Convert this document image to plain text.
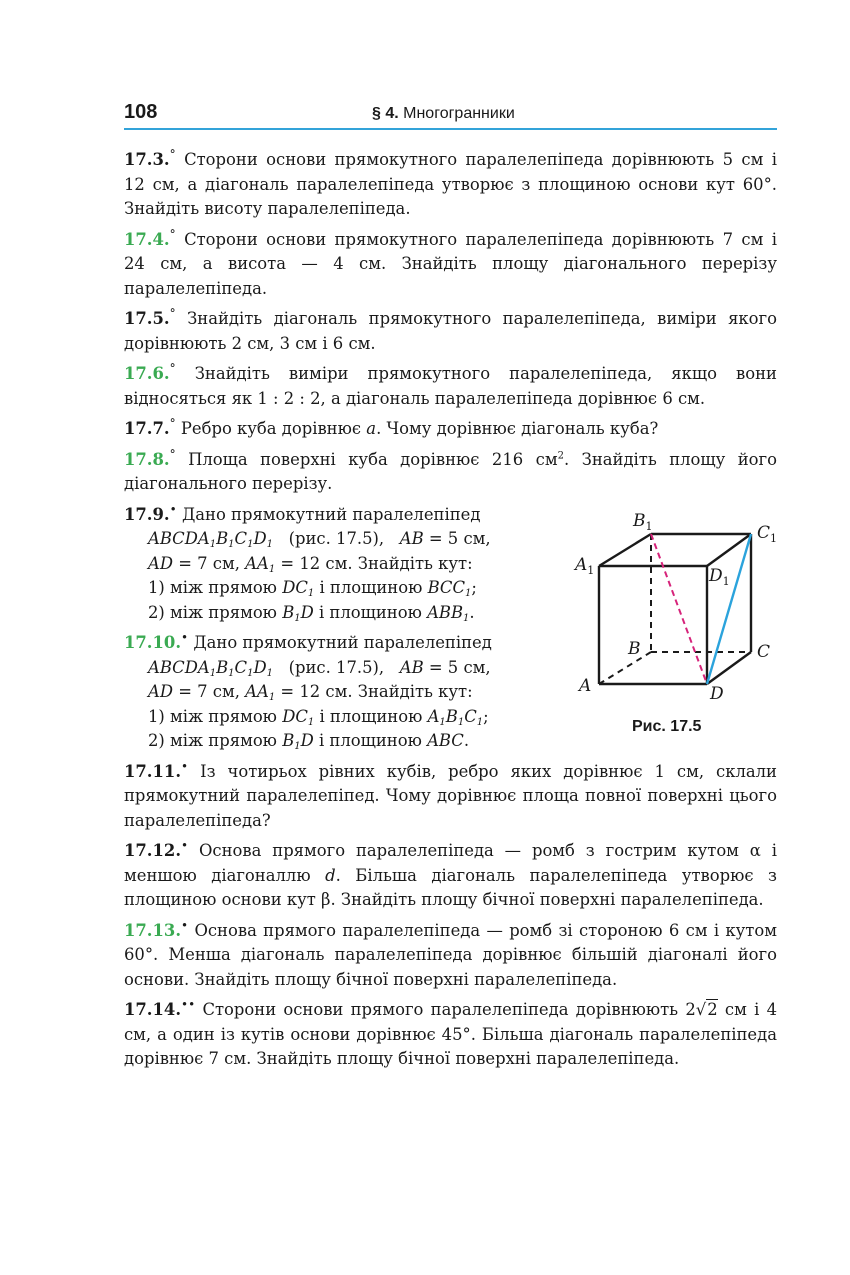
108	§ 4. Многогранники
17.3.° Сторони основи прямокутного паралелепіпеда дорівнюють 5 см і 12 см, а діагональ паралелепіпеда утворює з площиною основи кут 60°. Знайдіть висоту паралелепіпеда.
17.4.° Сторони основи прямокутного паралелепіпеда дорівнюють 7 см і 24 см, а висота — 4 см. Знайдіть площу діагонального перерізу паралелепіпеда.
17.5.° Знайдіть діагональ прямокутного паралелепіпеда, виміри якого дорівнюють 2 см, 3 см і 6 см.
17.6.° Знайдіть виміри прямокутного паралелепіпеда, якщо вони відносяться як 1 : 2 : 2, а діагональ паралелепіпеда дорівнює 6 см.
17.7.° Ребро куба дорівнює a. Чому дорівнює діагональ куба?
17.8.° Площа поверхні куба дорівнює 216 $см^2$. Знайдіть площу його діагонального перерізу.
17.9.• Дано прямокутний паралелепіпед
$ABCDA_1B_1C_1D_1$ (рис. 17.5), AB = 5 см,
AD = 7 см, $AA_1 = 12$ см. Знайдіть кут:
1) між прямою $DC_1$ і площиною $BCC_1$;
2) між прямою $B_1D$ і площиною $ABB_1$.
17.10.• Дано прямокутний паралелепіпед
$ABCDA_1B_1C_1D_1$ (рис. 17.5), AB = 5 см,
AD = 7 см, $AA_1 = 12$ см. Знайдіть кут:
1) між прямою $DC_1$ і площиною $A_1B_1C_1$;
2) між прямою $B_1D$ і площиною ABC.
17.11.• Із чотирьох рівних кубів, ребро яких дорівнює 1 см, склали прямокутний паралелепіпед. Чому дорівнює площа повної поверхні цього паралелепіпеда?
17.12.• Основа прямого паралелепіпеда — ромб з гострим кутом α і меншою діагоналлю d. Більша діагональ паралелепіпеда утворює з площиною основи кут β. Знайдіть площу бічної поверхні паралелепіпеда.
17.13.• Основа прямого паралелепіпеда — ромб зі стороною 6 см і кутом 60°. Менша діагональ паралелепіпеда дорівнює більшій діагоналі його основи. Знайдіть площу бічної поверхні паралелепіпеда.
17.14.•• Сторони основи прямого паралелепіпеда дорівнюють 2√2 см і 4 см, а один із кутів основи дорівнює 45°. Більша діагональ паралелепіпеда дорівнює 7 см. Знайдіть площу бічної поверхні паралелепіпеда.
$B_1$	$C_1$
$A_1$	$D_1$
B	C
A	D
Рис. 17.5
